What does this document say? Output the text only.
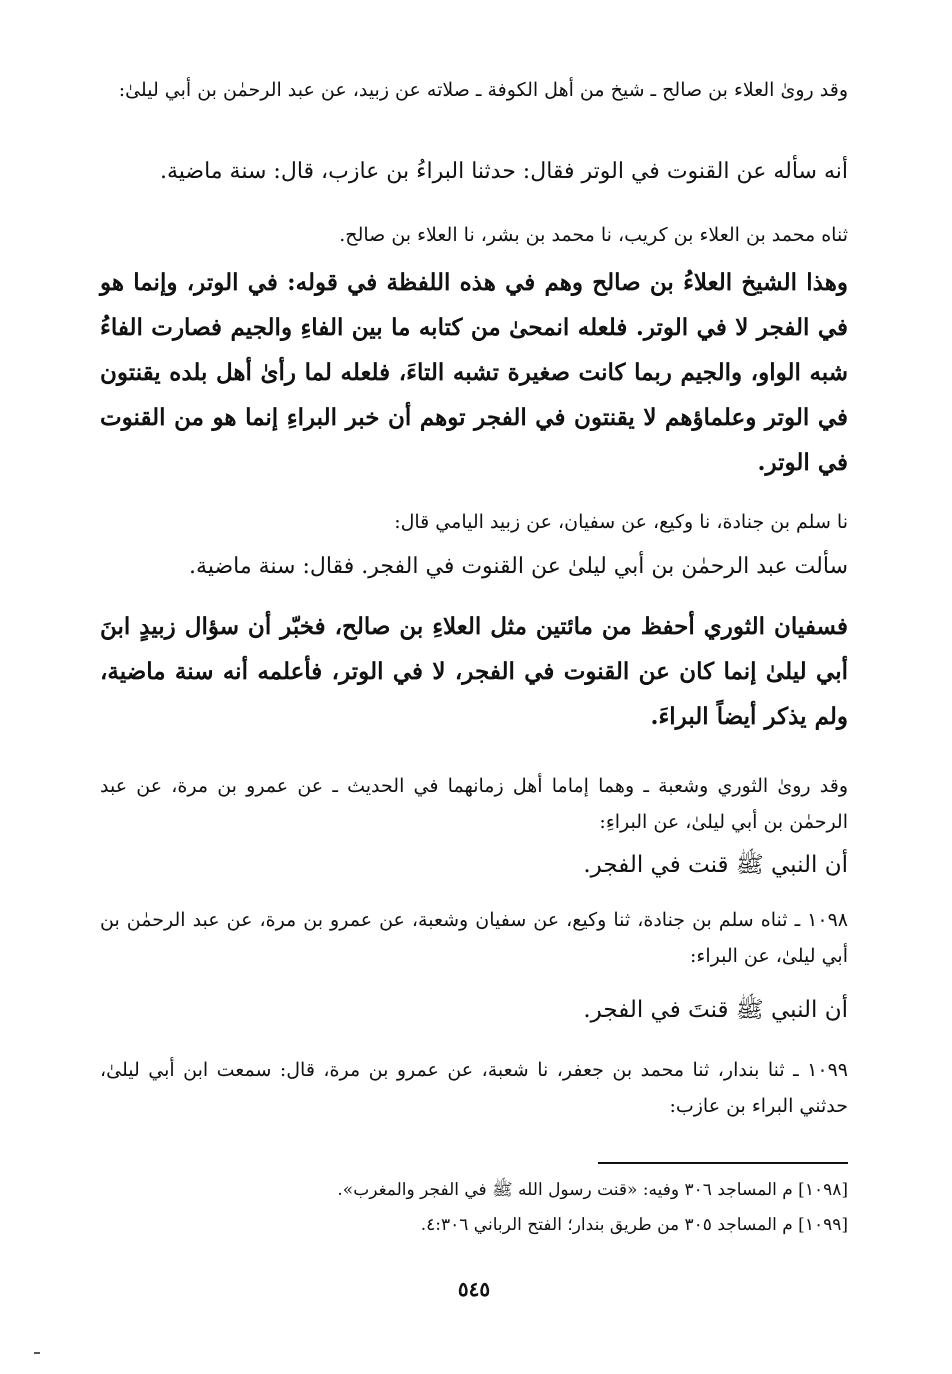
وقد روىٰ العلاء بن صالح ـ شيخ من أهل الكوفة ـ صلاته عن زبيد، عن عبد الرحمٰن بن أبي ليلىٰ:

أنه سأله عن القنوت في الوتر فقال: حدثنا البراءُ بن عازب، قال: سنة ماضية.

ثناه محمد بن العلاء بن كريب، نا محمد بن بشر، نا العلاء بن صالح.

وهذا الشيخ العلاءُ بن صالح وهم في هذه اللفظة في قوله: في الوتر، وإنما هو في الفجر لا في الوتر. فلعله انمحىٰ من كتابه ما بين الفاءِ والجيم فصارت الفاءُ شبه الواو، والجيم ربما كانت صغيرة تشبه التاءَ، فلعله لما رأىٰ أهل بلده يقنتون في الوتر وعلماؤهم لا يقنتون في الفجر توهم أن خبر البراءِ إنما هو من القنوت في الوتر.

نا سلم بن جنادة، نا وكيع، عن سفيان، عن زبيد اليامي قال:

سألت عبد الرحمٰن بن أبي ليلىٰ عن القنوت في الفجر. فقال: سنة ماضية.

فسفيان الثوري أحفظ من مائتين مثل العلاءِ بن صالح، فخبّر أن سؤال زبيدٍ ابنَ أبي ليلىٰ إنما كان عن القنوت في الفجر، لا في الوتر، فأعلمه أنه سنة ماضية، ولم يذكر أيضاً البراءَ.

وقد روىٰ الثوري وشعبة ـ وهما إماما أهل زمانهما في الحديث ـ عن عمرو بن مرة، عن عبد الرحمٰن بن أبي ليلىٰ، عن البراءِ:

أن النبي ﷺ قنت في الفجر.

١٠٩٨ ـ ثناه سلم بن جنادة، ثنا وكيع، عن سفيان وشعبة، عن عمرو بن مرة، عن عبد الرحمٰن بن أبي ليلىٰ، عن البراء:

أن النبي ﷺ قنتَ في الفجر.

١٠٩٩ ـ ثنا بندار، ثنا محمد بن جعفر، نا شعبة، عن عمرو بن مرة، قال: سمعت ابن أبي ليلىٰ، حدثني البراء بن عازب:

[١٠٩٨] م المساجد ٣٠٦ وفيه: «قنت رسول الله ﷺ في الفجر والمغرب».

[١٠٩٩] م المساجد ٣٠٥ من طريق بندار؛ الفتح الرباني ٤:٣٠٦.

٥٤٥
